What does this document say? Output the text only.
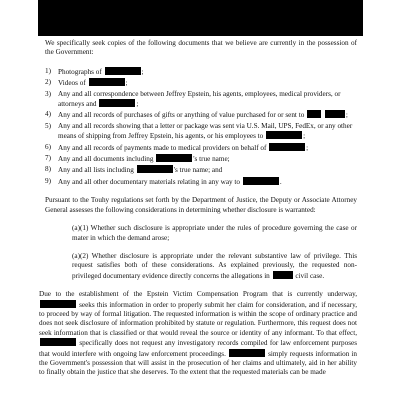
We specifically seek copies of the following documents that we believe are currently in the possession of the Government:

1) Photographs of	;
2) Videos of	;
3) Any and all correspondence between Jeffrey Epstein, his agents, employees, medical providers, or attorneys and	;
4) Any and all records of purchases of gifts or anything of value purchased for or sent to	;
5) Any and all records showing that a letter or package was sent via U.S. Mail, UPS, FedEx, or any other means of shipping from Jeffrey Epstein, his agents, or his employees to	;
6) Any and all records of payments made to medical providers on behalf of	;
7) Any and all documents including	's true name;
8) Any and all lists including	's true name; and
9) Any and all other documentary materials relating in any way to	.

Pursuant to the Touhy regulations set forth by the Department of Justice, the Deputy or Associate Attorney General assesses the following considerations in determining whether disclosure is warranted:

(a)(1) Whether such disclosure is appropriate under the rules of procedure governing the case or mater in which the demand arose;

(a)(2) Whether disclosure is appropriate under the relevant substantive law of privilege. This request satisfies both of these considerations. As explained previously, the requested non-privileged documentary evidence directly concerns the allegations in	civil case.

Due to the establishment of the Epstein Victim Compensation Program that is currently underway,  seeks this information in order to properly submit her claim for consideration, and if necessary, to proceed by way of formal litigation. The requested information is within the scope of ordinary practice and does not seek disclosure of information prohibited by statute or regulation. Furthermore, this request does not seek information that is classified or that would reveal the source or identity of any informant. To that effect,  specifically does not request any investigatory records compiled for law enforcement purposes that would interfere with ongoing law enforcement proceedings.	simply requests information in the Government's possession that will assist in the prosecution of her claims and ultimately, aid in her ability to finally obtain the justice that she deserves. To the extent that the requested materials can be made
